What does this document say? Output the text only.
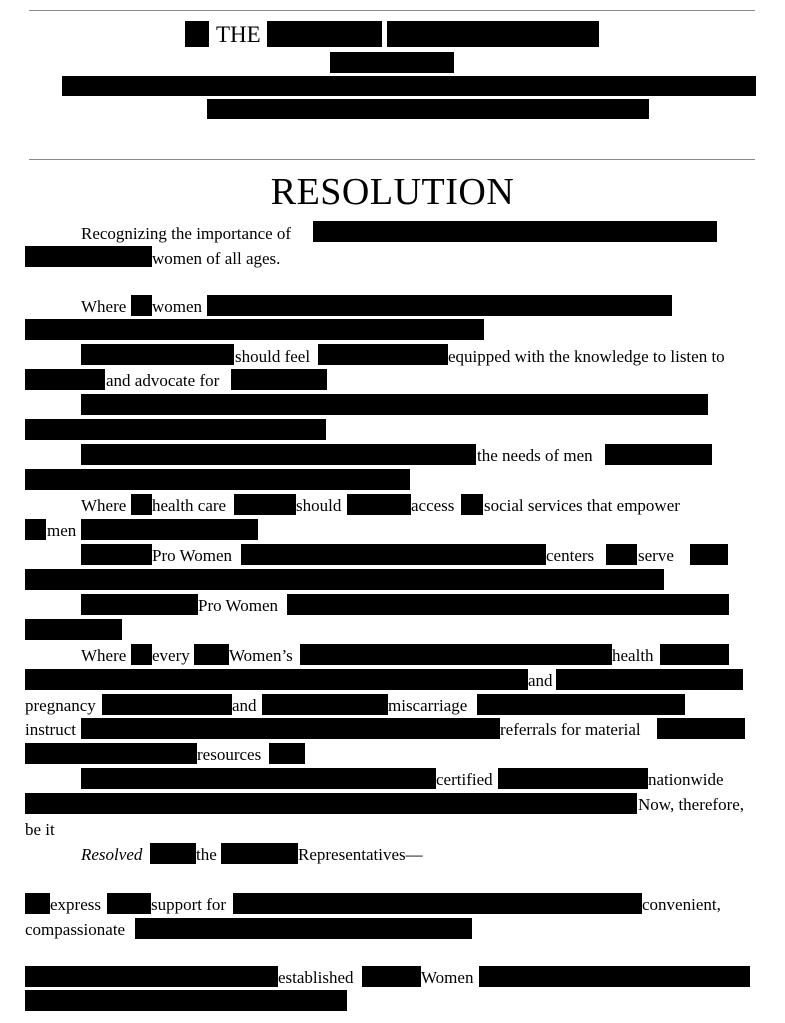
THE
RESOLUTION
Recognizing the importance of
women of all ages.
Where women
should feel	equipped with the knowledge to listen to
and advocate for
the needs of men
Where health care	should	access social services that empower
men
Pro Women	centers	serve
Pro Women
Where every Women’s	health
and
pregnancy	and	miscarriage
instruct	referrals for material
resources
certified	nationwide
Now, therefore,
be it
Resolved	the	Representatives—
express	support for	convenient,
compassionate
established	Women
